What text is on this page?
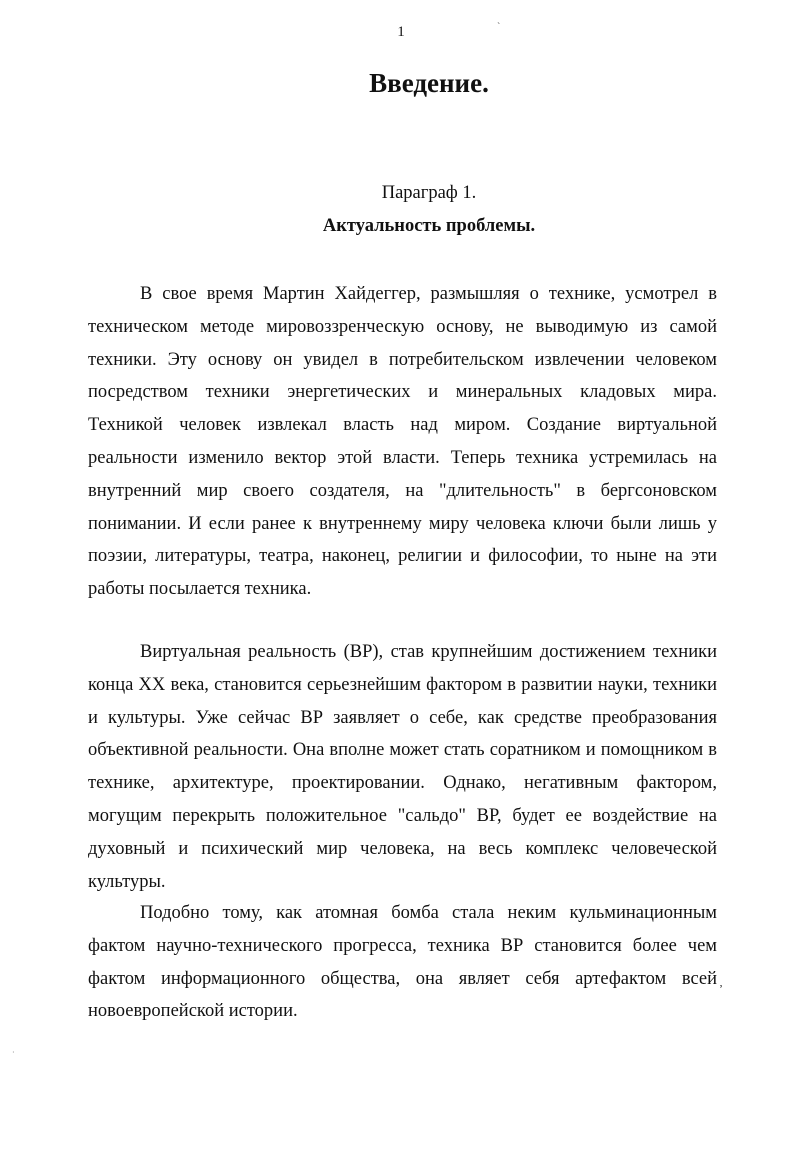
1	`
Введение.
Параграф 1.
Актуальность проблемы.

В свое время Мартин Хайдеггер, размышляя о технике, усмотрел в техническом методе мировоззренческую основу, не выводимую из самой техники. Эту основу он увидел в потребительском извлечении человеком посредством техники энергетических и минеральных кладовых мира. Техникой человек извлекал власть над миром. Создание виртуальной реальности изменило вектор этой власти. Теперь техника устремилась на внутренний мир своего создателя, на "длительность" в бергсоновском понимании. И если ранее к внутреннему миру человека ключи были лишь у поэзии, литературы, театра, наконец, религии и философии, то ныне на эти работы посылается техника.

Виртуальная реальность (ВР), став крупнейшим достижением техники конца XX века, становится серьезнейшим фактором в развитии науки, техники и культуры. Уже сейчас ВР заявляет о себе, как средстве преобразования объективной реальности. Она вполне может стать соратником и помощником в технике, архитектуре, проектировании. Однако, негативным фактором, могущим перекрыть положительное "сальдо" ВР, будет ее воздействие на духовный и психический мир человека, на весь комплекс человеческой культуры.

Подобно тому, как атомная бомба стала неким кульминационным фактом научно-технического прогресса, техника ВР становится более чем фактом информационного общества, она являет себя артефактом всей новоевропейской истории.

‚
·
